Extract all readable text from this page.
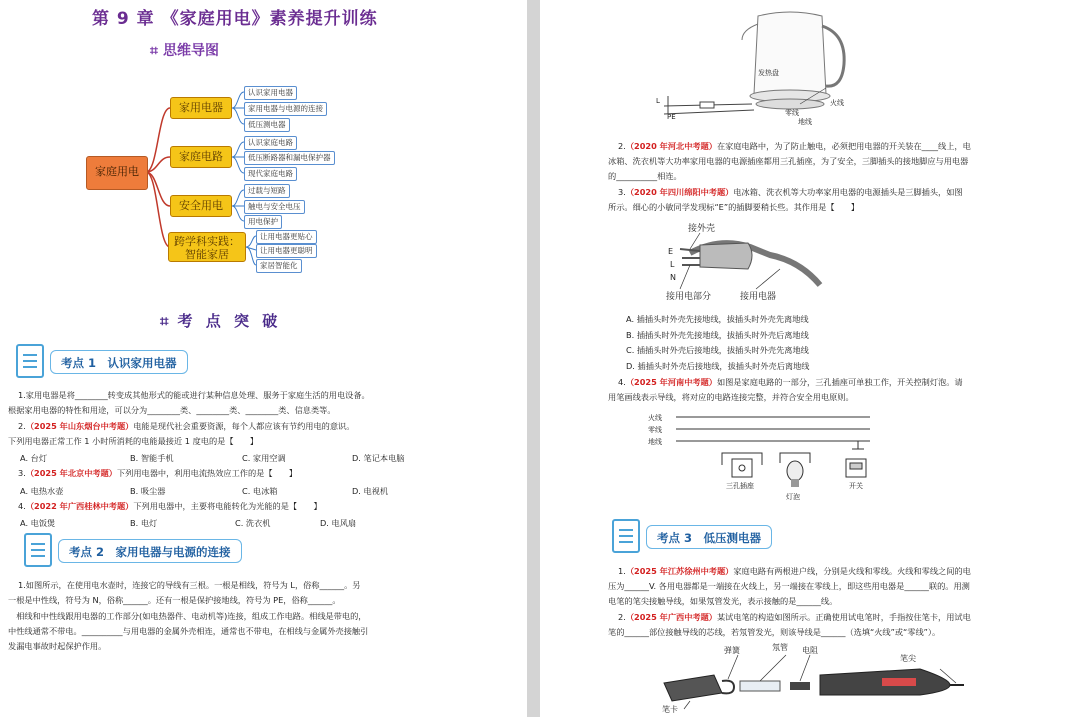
第 9 章 《家庭用电》素养提升训练
⌗ 思维导图
家庭用电
家用电器
家庭电路
安全用电
跨学科实践：
智能家居
认识家用电器
家用电器与电源的连接
低压测电器
认识家庭电路
低压断路器和漏电保护器
现代家庭电路
过载与短路
触电与安全电压
用电保护
让用电器更贴心
让用电器更聪明
家居智能化
⌗ 考 点 突 破
考点 1　认识家用电器
1.家用电器是将________转变成其他形式的能或进行某种信息处理、服务于家庭生活的用电设备。
根据家用电器的特性和用途，可以分为________类、________类、________类、信息类等。
2.（2025 年山东烟台中考题）电能是现代社会重要资源，每个人都应该有节约用电的意识。
下列用电器正常工作 1 小时所消耗的电能最接近 1 度电的是【　　】
A. 台灯	B. 智能手机	C. 家用空调	D. 笔记本电脑
3.（2025 年北京中考题）下列用电器中，利用电流热效应工作的是【　　】
A. 电热水壶	B. 吸尘器	C. 电冰箱	D. 电视机
4.（2022 年广西桂林中考题）下列用电器中，主要将电能转化为光能的是【　　】
A. 电饭煲	B. 电灯	C. 洗衣机	D. 电风扇
考点 2　家用电器与电源的连接
1.如图所示，在使用电水壶时，连接它的导线有三根。一根是相线，符号为 L，俗称______。另
一根是中性线，符号为 N，俗称______。还有一根是保护接地线，符号为 PE，俗称______。
　相线和中性线跟用电器的工作部分(如电热器件、电动机等)连接，组成工作电路。相线是带电的，
中性线通常不带电。__________与用电器的金属外壳相连，通常也不带电，在相线与金属外壳接触引
发漏电事故时起保护作用。
发热盘
火线
零线
地线
PE
L
2.（2020 年河北中考题）在家庭电路中，为了防止触电，必须把用电器的开关装在____线上，电
冰箱、洗衣机等大功率家用电器的电源插座都用三孔插座，为了安全，三脚插头的接地脚应与用电器
的__________相连。
3.（2020 年四川绵阳中考题）电冰箱、洗衣机等大功率家用电器的电源插头是三脚插头，如图
所示。细心的小敏同学发现标“E”的插脚要稍长些。其作用是【　　】
接外壳
E
L
N
接用电部分	接用电器
A. 插插头时外壳先接地线，拔插头时外壳先离地线
B. 插插头时外壳先接地线，拔插头时外壳后离地线
C. 插插头时外壳后接地线，拔插头时外壳先离地线
D. 插插头时外壳后接地线，拔插头时外壳后离地线
4.（2025 年河南中考题）如图是家庭电路的一部分，三孔插座可单独工作，开关控制灯泡。请
用笔画线表示导线，将对应的电路连接完整，并符合安全用电原则。
火线
零线
地线
三孔插座
灯泡
开关
考点 3　低压测电器
1.（2025 年江苏徐州中考题）家庭电路有两根进户线，分别是火线和零线。火线和零线之间的电
压为______V. 各用电器都是一端接在火线上，另一端接在零线上，即这些用电器是______联的。用测
电笔的笔尖接触导线，如果氖管发光，表示接触的是______线。
2.（2025 年广西中考题）某试电笔的构造如图所示。正确使用试电笔时，手指按住笔卡，用试电
笔的______部位接触导线的芯线，若氖管发光，则该导线是______（选填“火线”或“零线”）。
弹簧	氖管 电阻
笔尖
笔卡
